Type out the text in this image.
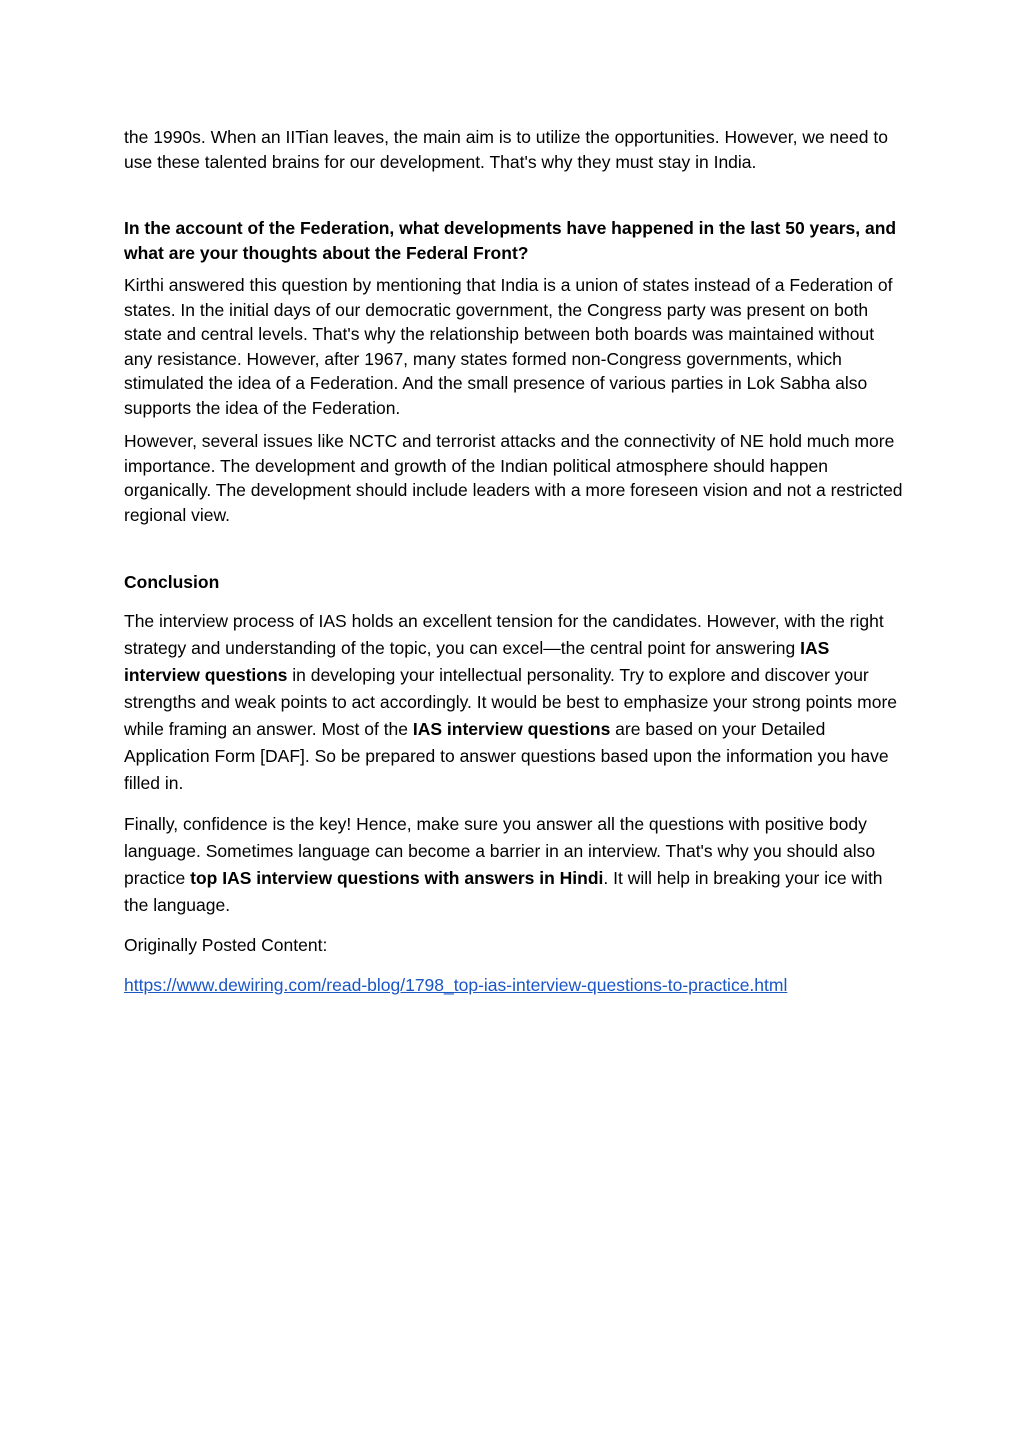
the 1990s. When an IITian leaves, the main aim is to utilize the opportunities. However, we need to use these talented brains for our development. That's why they must stay in India.

In the account of the Federation, what developments have happened in the last 50 years, and what are your thoughts about the Federal Front?

Kirthi answered this question by mentioning that India is a union of states instead of a Federation of states. In the initial days of our democratic government, the Congress party was present on both state and central levels. That's why the relationship between both boards was maintained without any resistance. However, after 1967, many states formed non-Congress governments, which stimulated the idea of a Federation. And the small presence of various parties in Lok Sabha also supports the idea of the Federation.

However, several issues like NCTC and terrorist attacks and the connectivity of NE hold much more importance. The development and growth of the Indian political atmosphere should happen organically. The development should include leaders with a more foreseen vision and not a restricted regional view.

Conclusion

The interview process of IAS holds an excellent tension for the candidates. However, with the right strategy and understanding of the topic, you can excel—the central point for answering IAS interview questions in developing your intellectual personality. Try to explore and discover your strengths and weak points to act accordingly. It would be best to emphasize your strong points more while framing an answer. Most of the IAS interview questions are based on your Detailed Application Form [DAF]. So be prepared to answer questions based upon the information you have filled in.

Finally, confidence is the key! Hence, make sure you answer all the questions with positive body language. Sometimes language can become a barrier in an interview. That's why you should also practice top IAS interview questions with answers in Hindi. It will help in breaking your ice with the language.

Originally Posted Content:

https://www.dewiring.com/read-blog/1798_top-ias-interview-questions-to-practice.html
